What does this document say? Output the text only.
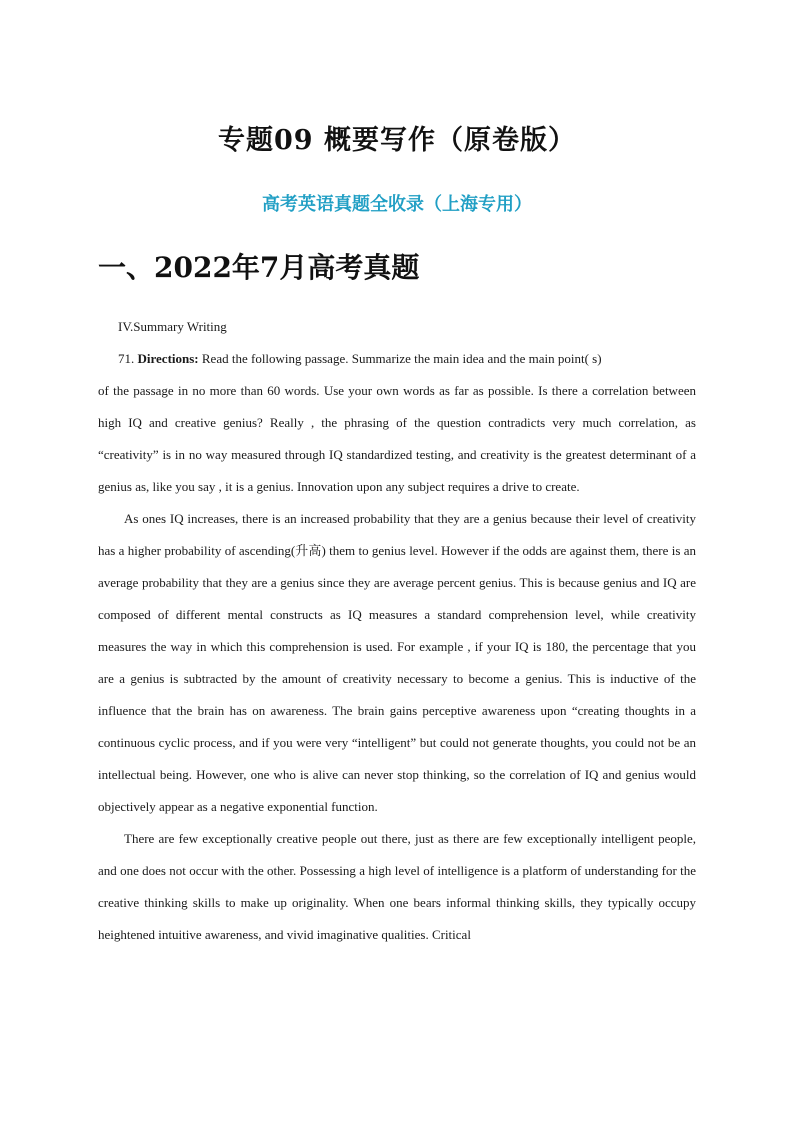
专题09 概要写作（原卷版）
高考英语真题全收录（上海专用）
一、2022年7月高考真题

IV.Summary Writing

71. Directions: Read the following passage. Summarize the main idea and the main point( s)

of the passage in no more than 60 words. Use your own words as far as possible. Is there a correlation between high IQ and creative genius? Really , the phrasing of the question contradicts very much correlation, as “creativity” is in no way measured through IQ standardized testing, and creativity is the greatest determinant of a genius as, like you say , it is a genius. Innovation upon any subject requires a drive to create.

As ones IQ increases, there is an increased probability that they are a genius because their level of creativity has a higher probability of ascending(升高) them to genius level. However if the odds are against them, there is an average probability that they are a genius since they are average percent genius. This is because genius and IQ are composed of different mental constructs as IQ measures a standard comprehension level, while creativity measures the way in which this comprehension is used. For example , if your IQ is 180, the percentage that you are a genius is subtracted by the amount of creativity necessary to become a genius. This is inductive of the influence that the brain has on awareness. The brain gains perceptive awareness upon “creating thoughts in a continuous cyclic process, and if you were very “intelligent” but could not generate thoughts, you could not be an intellectual being. However, one who is alive can never stop thinking, so the correlation of IQ and genius would objectively appear as a negative exponential function.

There are few exceptionally creative people out there, just as there are few exceptionally intelligent people, and one does not occur with the other. Possessing a high level of intelligence is a platform of understanding for the creative thinking skills to make up originality. When one bears informal thinking skills, they typically occupy heightened intuitive awareness, and vivid imaginative qualities. Critical
